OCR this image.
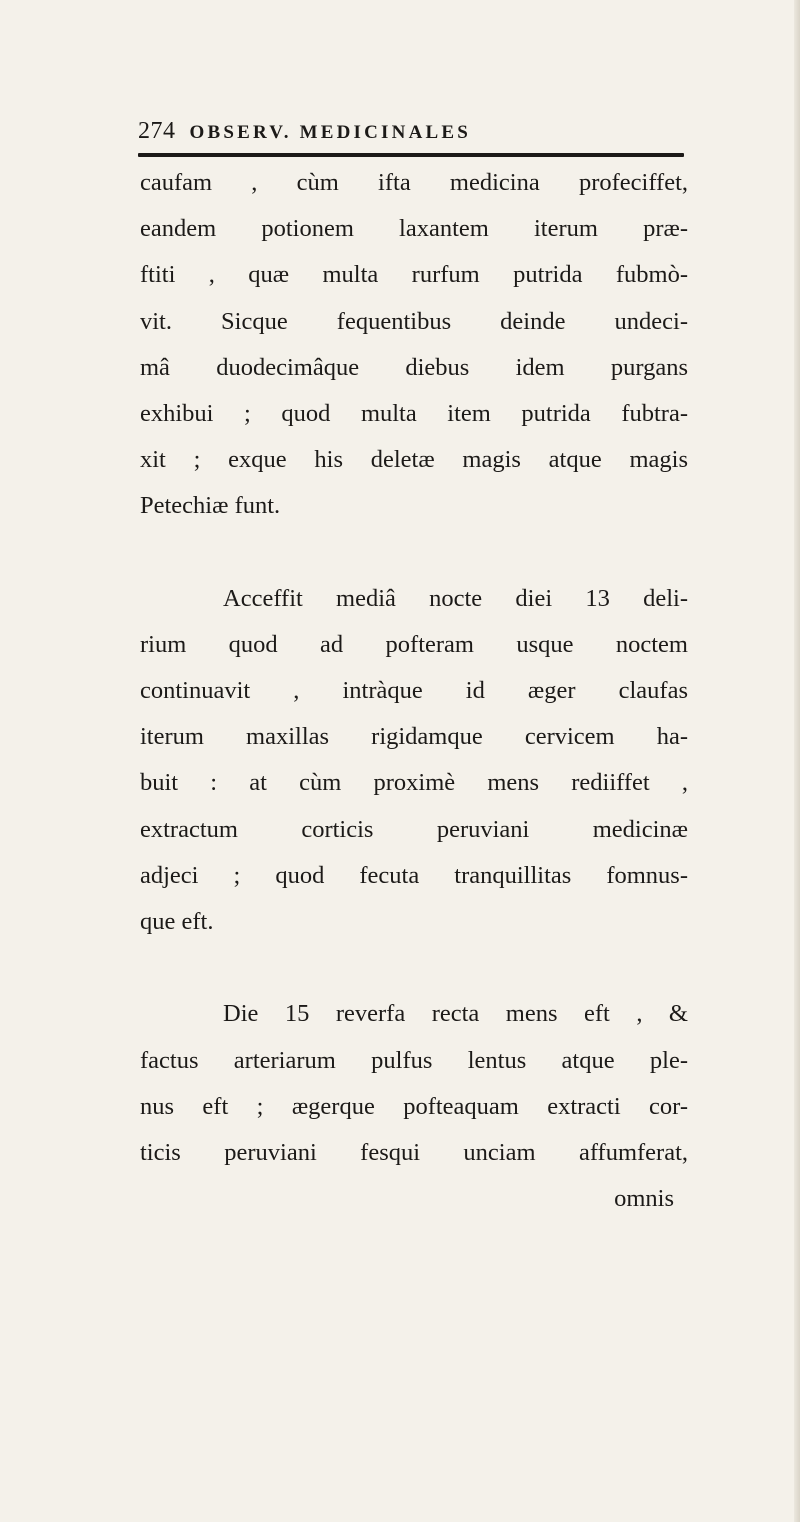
274 OBSERV. MEDICINALES
caufam , cùm ifta medicina profeciffet,
eandem potionem laxantem iterum præ-
ftiti , quæ multa rurfum putrida fubmò-
vit. Sicque fequentibus deinde undeci-
mâ duodecimâque diebus idem purgans
exhibui ; quod multa item putrida fubtra-
xit ; exque his deletæ magis atque magis
Petechiæ funt.
Acceffit mediâ nocte diei 13 deli-
rium quod ad pofteram usque noctem
continuavit , intràque id æger claufas
iterum maxillas rigidamque cervicem ha-
buit : at cùm proximè mens rediiffet ,
extractum corticis peruviani medicinæ
adjeci ; quod fecuta tranquillitas fomnus-
que eft.
Die 15 reverfa recta mens eft , &
factus arteriarum pulfus lentus atque ple-
nus eft ; ægerque pofteaquam extracti cor-
ticis peruviani fesqui unciam affumferat,
omnis
